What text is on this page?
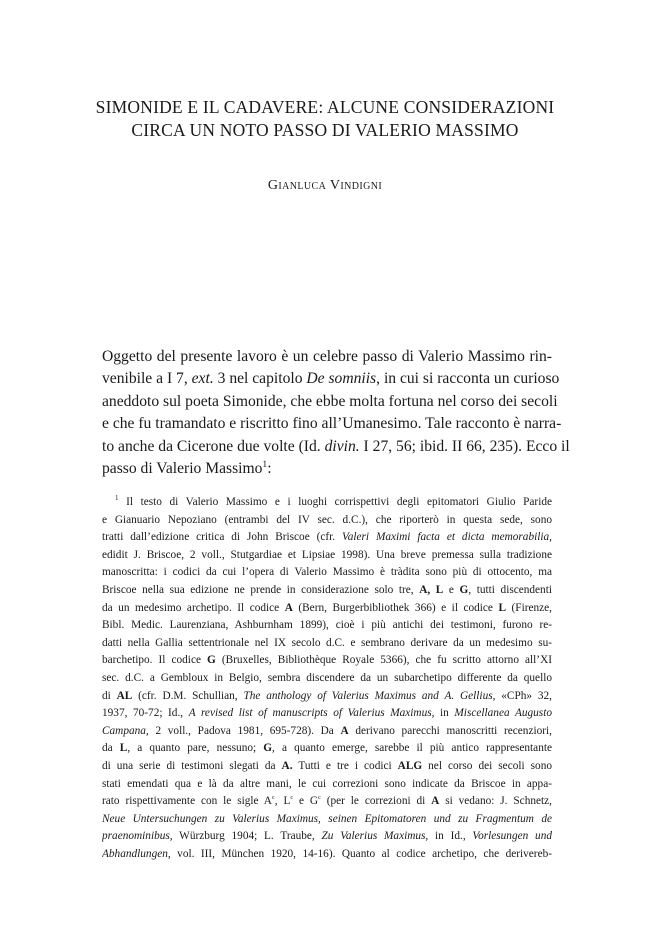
SIMONIDE E IL CADAVERE: ALCUNE CONSIDERAZIONI
CIRCA UN NOTO PASSO DI VALERIO MASSIMO
Gianluca Vindigni
Oggetto del presente lavoro è un celebre passo di Valerio Massimo rin-
venibile a I 7, ext. 3 nel capitolo De somniis, in cui si racconta un curioso
aneddoto sul poeta Simonide, che ebbe molta fortuna nel corso dei secoli
e che fu tramandato e riscritto fino all’Umanesimo. Tale racconto è narra-
to anche da Cicerone due volte (Id. divin. I 27, 56; ibid. II 66, 235). Ecco il
passo di Valerio Massimo$^1$:
$^1$ Il testo di Valerio Massimo e i luoghi corrispettivi degli epitomatori Giulio Paride
e Gianuario Nepoziano (entrambi del IV sec. d.C.), che riporterò in questa sede, sono
tratti dall’edizione critica di John Briscoe (cfr. Valeri Maximi facta et dicta memorabilia,
edidit J. Briscoe, 2 voll., Stutgardiae et Lipsiae 1998). Una breve premessa sulla tradizione
manoscritta: i codici da cui l’opera di Valerio Massimo è tràdita sono più di ottocento, ma
Briscoe nella sua edizione ne prende in considerazione solo tre, A, L e G, tutti discendenti
da un medesimo archetipo. Il codice A (Bern, Burgerbibliothek 366) e il codice L (Firenze,
Bibl. Medic. Laurenziana, Ashburnham 1899), cioè i più antichi dei testimoni, furono re-
datti nella Gallia settentrionale nel IX secolo d.C. e sembrano derivare da un medesimo su-
barchetipo. Il codice G (Bruxelles, Bibliothèque Royale 5366), che fu scritto attorno all’XI
sec. d.C. a Gembloux in Belgio, sembra discendere da un subarchetipo differente da quello
di AL (cfr. D.M. Schullian, The anthology of Valerius Maximus and A. Gellius, «CPh» 32,
1937, 70-72; Id., A revised list of manuscripts of Valerius Maximus, in Miscellanea Augusto
Campana, 2 voll., Padova 1981, 695-728). Da A derivano parecchi manoscritti recenziori,
da L, a quanto pare, nessuno; G, a quanto emerge, sarebbe il più antico rappresentante
di una serie di testimoni slegati da A. Tutti e tre i codici ALG nel corso dei secoli sono
stati emendati qua e là da altre mani, le cui correzioni sono indicate da Briscoe in appa-
rato rispettivamente con le sigle $A^c$, $L^c$ e $G^c$ (per le correzioni di A si vedano: J. Schnetz,
Neue Untersuchungen zu Valerius Maximus, seinen Epitomatoren und zu Fragmentum de
praenominibus, Würzburg 1904; L. Traube, Zu Valerius Maximus, in Id., Vorlesungen und
Abhandlungen, vol. III, München 1920, 14-16). Quanto al codice archetipo, che derivereb-
